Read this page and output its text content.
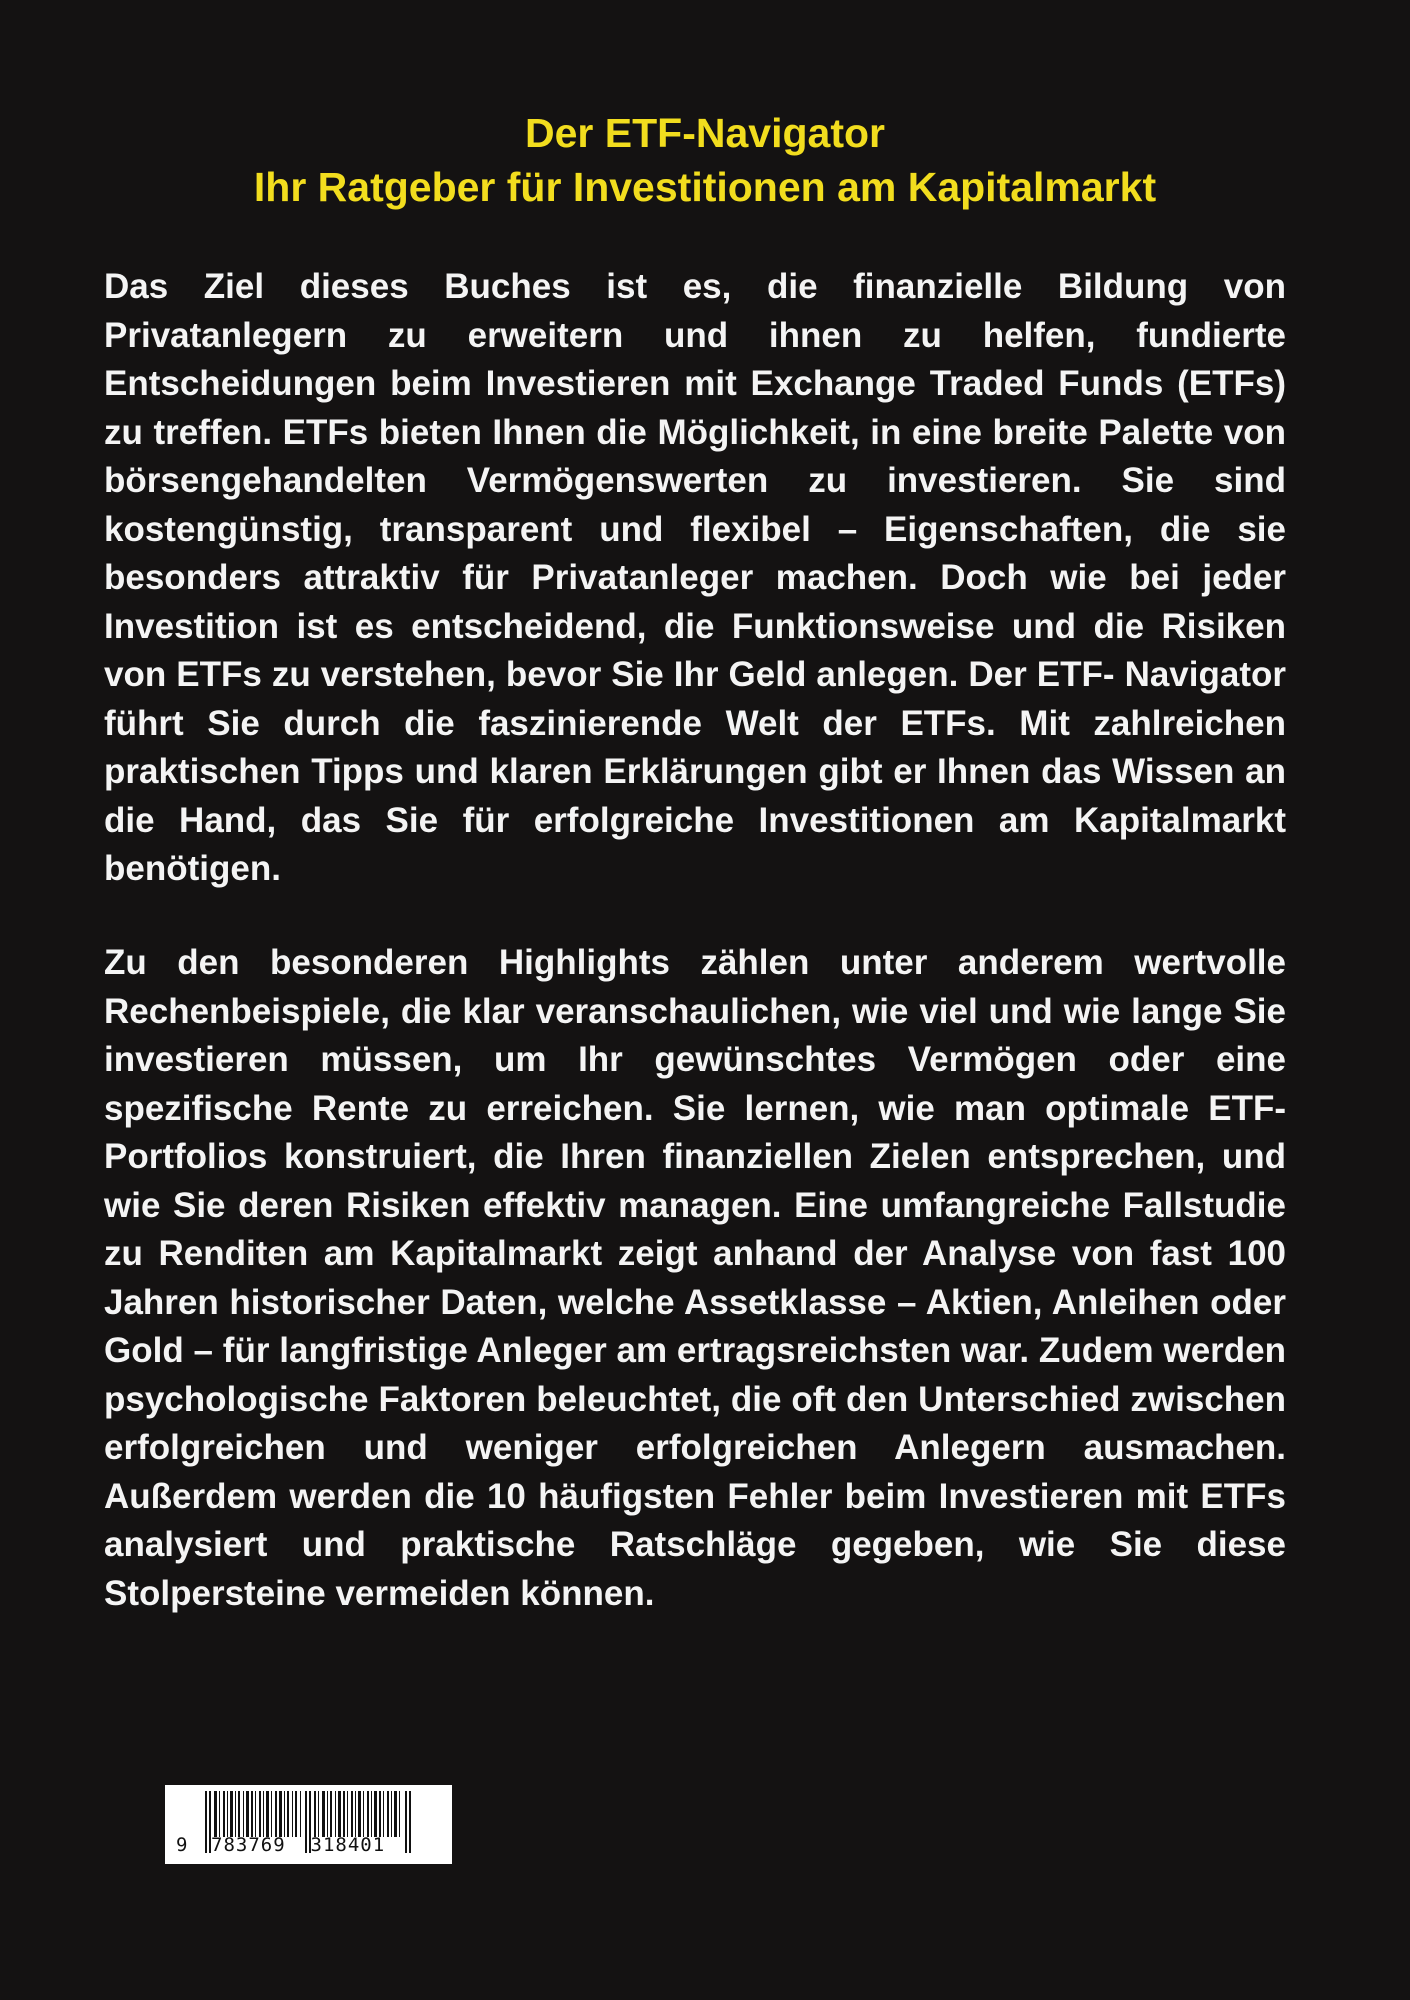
Der ETF-Navigator
Ihr Ratgeber für Investitionen am Kapitalmarkt

Das Ziel dieses Buches ist es, die finanzielle Bildung von Privatanlegern zu erweitern und ihnen zu helfen, fundierte Entscheidungen beim Investieren mit Exchange Traded Funds (ETFs) zu treffen. ETFs bieten Ihnen die Möglichkeit, in eine breite Palette von börsengehandelten Vermögenswerten zu investieren. Sie sind kostengünstig, transparent und flexibel – Eigenschaften, die sie besonders attraktiv für Privatanleger machen. Doch wie bei jeder Investition ist es entscheidend, die Funktionsweise und die Risiken von ETFs zu verstehen, bevor Sie Ihr Geld anlegen. Der ETF- Navigator führt Sie durch die faszinierende Welt der ETFs. Mit zahlreichen praktischen Tipps und klaren Erklärungen gibt er Ihnen das Wissen an die Hand, das Sie für erfolgreiche Investitionen am Kapitalmarkt benötigen.

Zu den besonderen Highlights zählen unter anderem wertvolle Rechenbeispiele, die klar veranschaulichen, wie viel und wie lange Sie investieren müssen, um Ihr gewünschtes Vermögen oder eine spezifische Rente zu erreichen. Sie lernen, wie man optimale ETF-Portfolios konstruiert, die Ihren finanziellen Zielen entsprechen, und wie Sie deren Risiken effektiv managen. Eine umfangreiche Fallstudie zu Renditen am Kapitalmarkt zeigt anhand der Analyse von fast 100 Jahren historischer Daten, welche Assetklasse – Aktien, Anleihen oder Gold – für langfristige Anleger am ertragsreichsten war. Zudem werden psychologische Faktoren beleuchtet, die oft den Unterschied zwischen erfolgreichen und weniger erfolgreichen Anlegern ausmachen. Außerdem werden die 10 häufigsten Fehler beim Investieren mit ETFs analysiert und praktische Ratschläge gegeben, wie Sie diese Stolpersteine vermeiden können.

9 783769  318401
